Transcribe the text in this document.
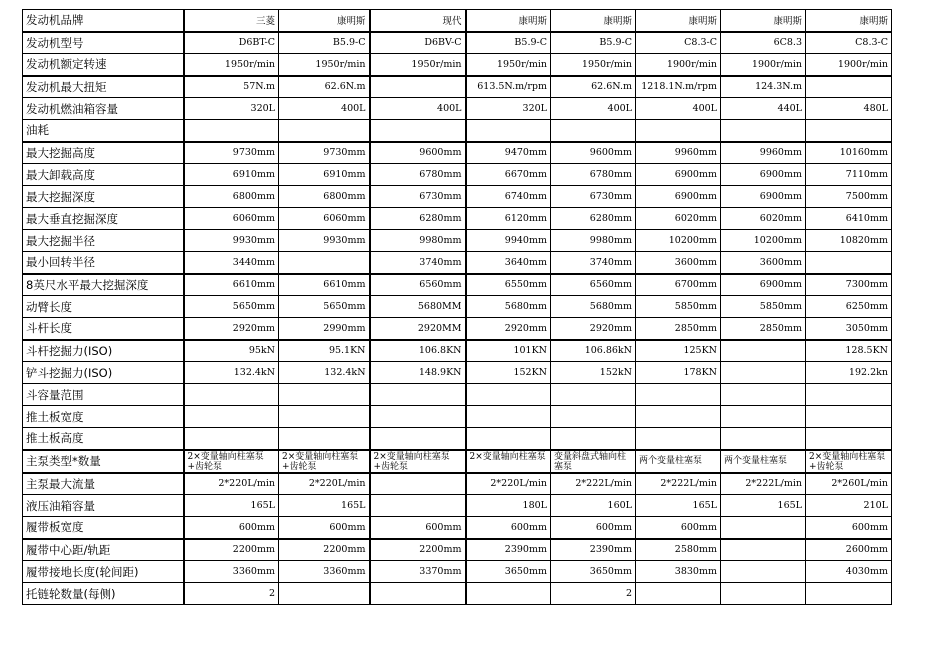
发动机品牌	三菱	康明斯	现代	康明斯	康明斯	康明斯	康明斯	康明斯
发动机型号	D6BT-C	B5.9-C	D6BV-C	B5.9-C	B5.9-C	C8.3-C	6C8.3	C8.3-C
发动机额定转速	1950r/min	1950r/min	1950r/min	1950r/min	1950r/min	1900r/min	1900r/min	1900r/min
发动机最大扭矩	57N.m	62.6N.m		613.5N.m/rpm	62.6N.m	1218.1N.m/rpm	124.3N.m	
发动机燃油箱容量	320L	400L	400L	320L	400L	400L	440L	480L
油耗								
最大挖掘高度	9730mm	9730mm	9600mm	9470mm	9600mm	9960mm	9960mm	10160mm
最大卸载高度	6910mm	6910mm	6780mm	6670mm	6780mm	6900mm	6900mm	7110mm
最大挖掘深度	6800mm	6800mm	6730mm	6740mm	6730mm	6900mm	6900mm	7500mm
最大垂直挖掘深度	6060mm	6060mm	6280mm	6120mm	6280mm	6020mm	6020mm	6410mm
最大挖掘半径	9930mm	9930mm	9980mm	9940mm	9980mm	10200mm	10200mm	10820mm
最小回转半径	3440mm		3740mm	3640mm	3740mm	3600mm	3600mm	
8英尺水平最大挖掘深度	6610mm	6610mm	6560mm	6550mm	6560mm	6700mm	6900mm	7300mm
动臂长度	5650mm	5650mm	5680MM	5680mm	5680mm	5850mm	5850mm	6250mm
斗杆长度	2920mm	2990mm	2920MM	2920mm	2920mm	2850mm	2850mm	3050mm
斗杆挖掘力(ISO)	95kN	95.1KN	106.8KN	101KN	106.86kN	125KN		128.5KN
铲斗挖掘力(ISO)	132.4kN	132.4kN	148.9KN	152KN	152kN	178KN		192.2kn
斗容量范围								
推土板宽度								
推土板高度								
主泵类型*数量	2×变量轴向柱塞泵+齿轮泵	2×变量轴向柱塞泵+齿轮泵	2×变量轴向柱塞泵+齿轮泵	2×变量轴向柱塞泵	变量斜盘式轴向柱塞泵	两个变量柱塞泵	两个变量柱塞泵	2×变量轴向柱塞泵+齿轮泵
主泵最大流量	2*220L/min	2*220L/min		2*220L/min	2*222L/min	2*222L/min	2*222L/min	2*260L/min
液压油箱容量	165L	165L		180L	160L	165L	165L	210L
履带板宽度	600mm	600mm	600mm	600mm	600mm	600mm		600mm
履带中心距/轨距	2200mm	2200mm	2200mm	2390mm	2390mm	2580mm		2600mm
履带接地长度(轮间距)	3360mm	3360mm	3370mm	3650mm	3650mm	3830mm		4030mm
托链轮数量(每侧)	2				2			
